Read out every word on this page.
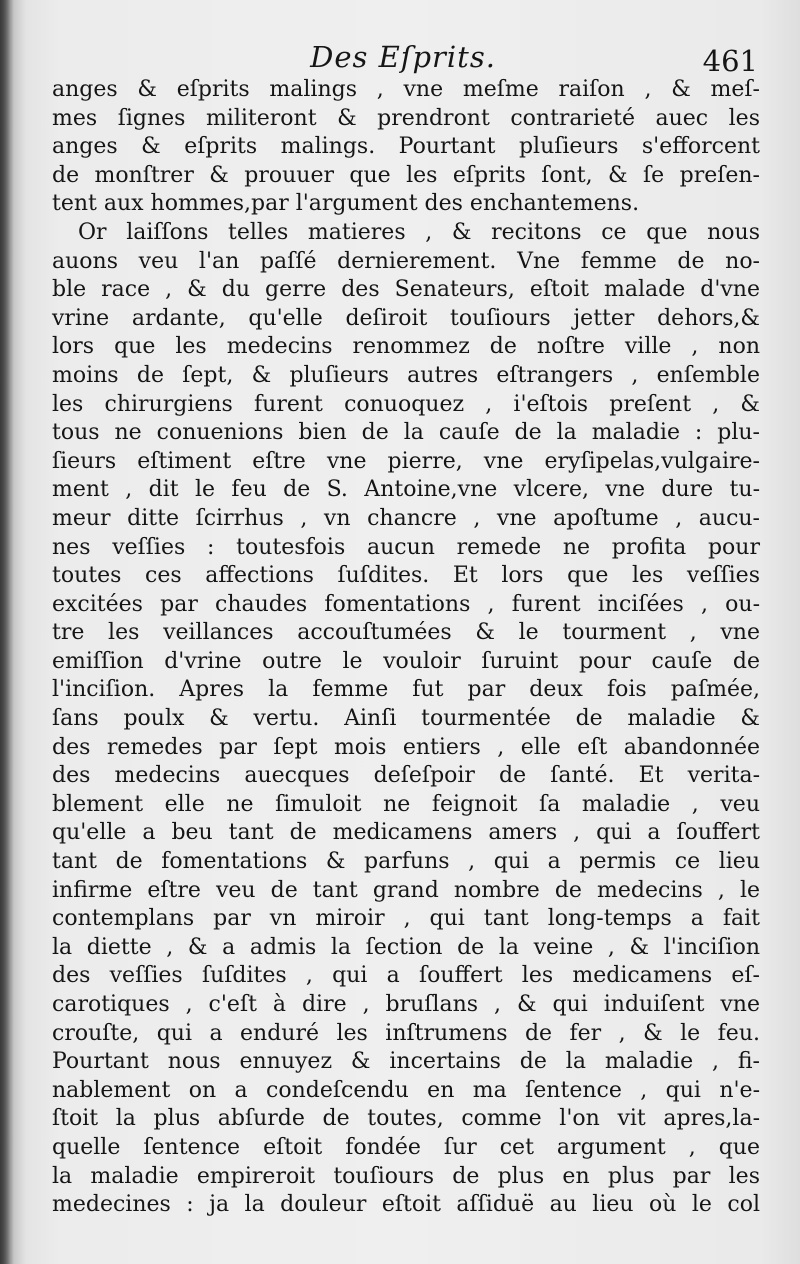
Des Eſprits.	461
anges & eſprits malings , vne meſme raiſon , & meſ-
mes ſignes militeront & prendront contrarieté auec les
anges & eſprits malings. Pourtant pluſieurs s'efforcent
de monſtrer & prouuer que les eſprits ſont, & ſe preſen-
tent aux hommes,par l'argument des enchantemens.
Or laiſſons telles matieres , & recitons ce que nous
auons veu l'an paſſé dernierement. Vne femme de no-
ble race , & du gerre des Senateurs, eſtoit malade d'vne
vrine ardante, qu'elle deſiroit touſiours jetter dehors,&
lors que les medecins renommez de noſtre ville , non
moins de ſept, & pluſieurs autres eſtrangers , enſemble
les chirurgiens furent conuoquez , i'eſtois preſent , &
tous ne conuenions bien de la cauſe de la maladie : plu-
ſieurs eſtiment eſtre vne pierre, vne eryſipelas,vulgaire-
ment , dit le feu de S. Antoine,vne vlcere, vne dure tu-
meur ditte ſcirrhus , vn chancre , vne apoſtume , aucu-
nes veſſies : toutesfois aucun remede ne profita pour
toutes ces affections ſuſdites. Et lors que les veſſies
excitées par chaudes fomentations , furent inciſées , ou-
tre les veillances accouſtumées & le tourment , vne
emiſſion d'vrine outre le vouloir ſuruint pour cauſe de
l'inciſion. Apres la femme fut par deux fois paſmée,
ſans poulx & vertu. Ainſi tourmentée de maladie &
des remedes par ſept mois entiers , elle eſt abandonnée
des medecins auecques deſeſpoir de ſanté. Et verita-
blement elle ne ſimuloit ne feignoit ſa maladie , veu
qu'elle a beu tant de medicamens amers , qui a ſouffert
tant de fomentations & parfuns , qui a permis ce lieu
infirme eſtre veu de tant grand nombre de medecins , le
contemplans par vn miroir , qui tant long-temps a fait
la diette , & a admis la ſection de la veine , & l'inciſion
des veſſies ſuſdites , qui a ſouffert les medicamens eſ-
carotiques , c'eſt à dire , bruſlans , & qui induiſent vne
crouſte, qui a enduré les inſtrumens de fer , & le feu.
Pourtant nous ennuyez & incertains de la maladie , fi-
nablement on a condeſcendu en ma ſentence , qui n'e-
ſtoit la plus abſurde de toutes, comme l'on vit apres,la-
quelle ſentence eſtoit fondée ſur cet argument , que
la maladie empireroit touſiours de plus en plus par les
medecines : ja la douleur eſtoit aſſiduë au lieu où le col
